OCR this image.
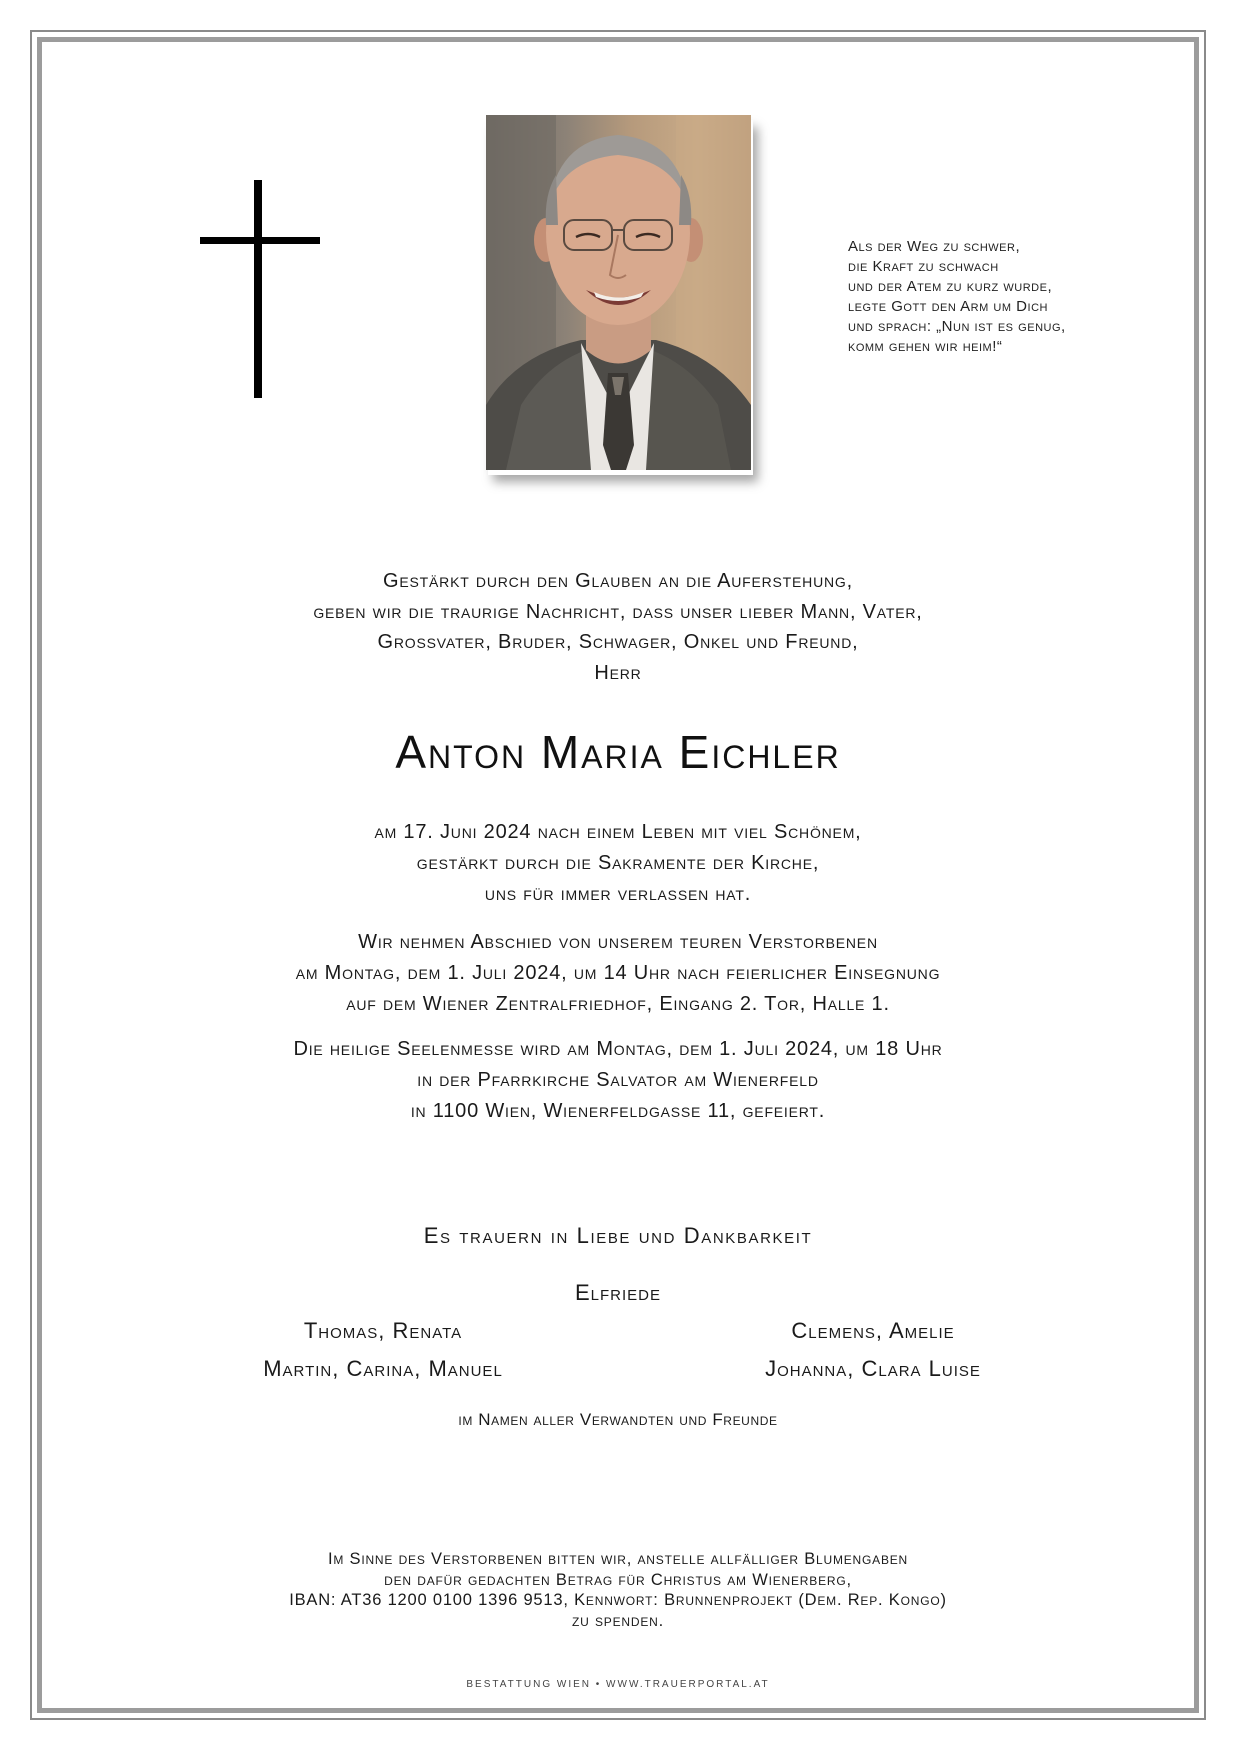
Als der Weg zu schwer,
die Kraft zu schwach
und der Atem zu kurz wurde,
legte Gott den Arm um Dich
und sprach: „Nun ist es genug,
komm gehen wir heim!“
Gestärkt durch den Glauben an die Auferstehung,
geben wir die traurige Nachricht, dass unser lieber Mann, Vater,
Grossvater, Bruder, Schwager, Onkel und Freund,
Herr
Anton Maria Eichler
am 17. Juni 2024 nach einem Leben mit viel Schönem,
gestärkt durch die Sakramente der Kirche,
uns für immer verlassen hat.
Wir nehmen Abschied von unserem teuren Verstorbenen
am Montag, dem 1. Juli 2024, um 14 Uhr nach feierlicher Einsegnung
auf dem Wiener Zentralfriedhof, Eingang 2. Tor, Halle 1.
Die heilige Seelenmesse wird am Montag, dem 1. Juli 2024, um 18 Uhr
in der Pfarrkirche Salvator am Wienerfeld
in 1100 Wien, Wienerfeldgasse 11, gefeiert.
Es trauern in Liebe und Dankbarkeit
Elfriede
Thomas, Renata
Martin, Carina, Manuel
Clemens, Amelie
Johanna, Clara Luise
im Namen aller Verwandten und Freunde
Im Sinne des Verstorbenen bitten wir, anstelle allfälliger Blumengaben
den dafür gedachten Betrag für Christus am Wienerberg,
IBAN: AT36 1200 0100 1396 9513, Kennwort: Brunnenprojekt (Dem. Rep. Kongo)
zu spenden.
BESTATTUNG WIEN • WWW.TRAUERPORTAL.AT
